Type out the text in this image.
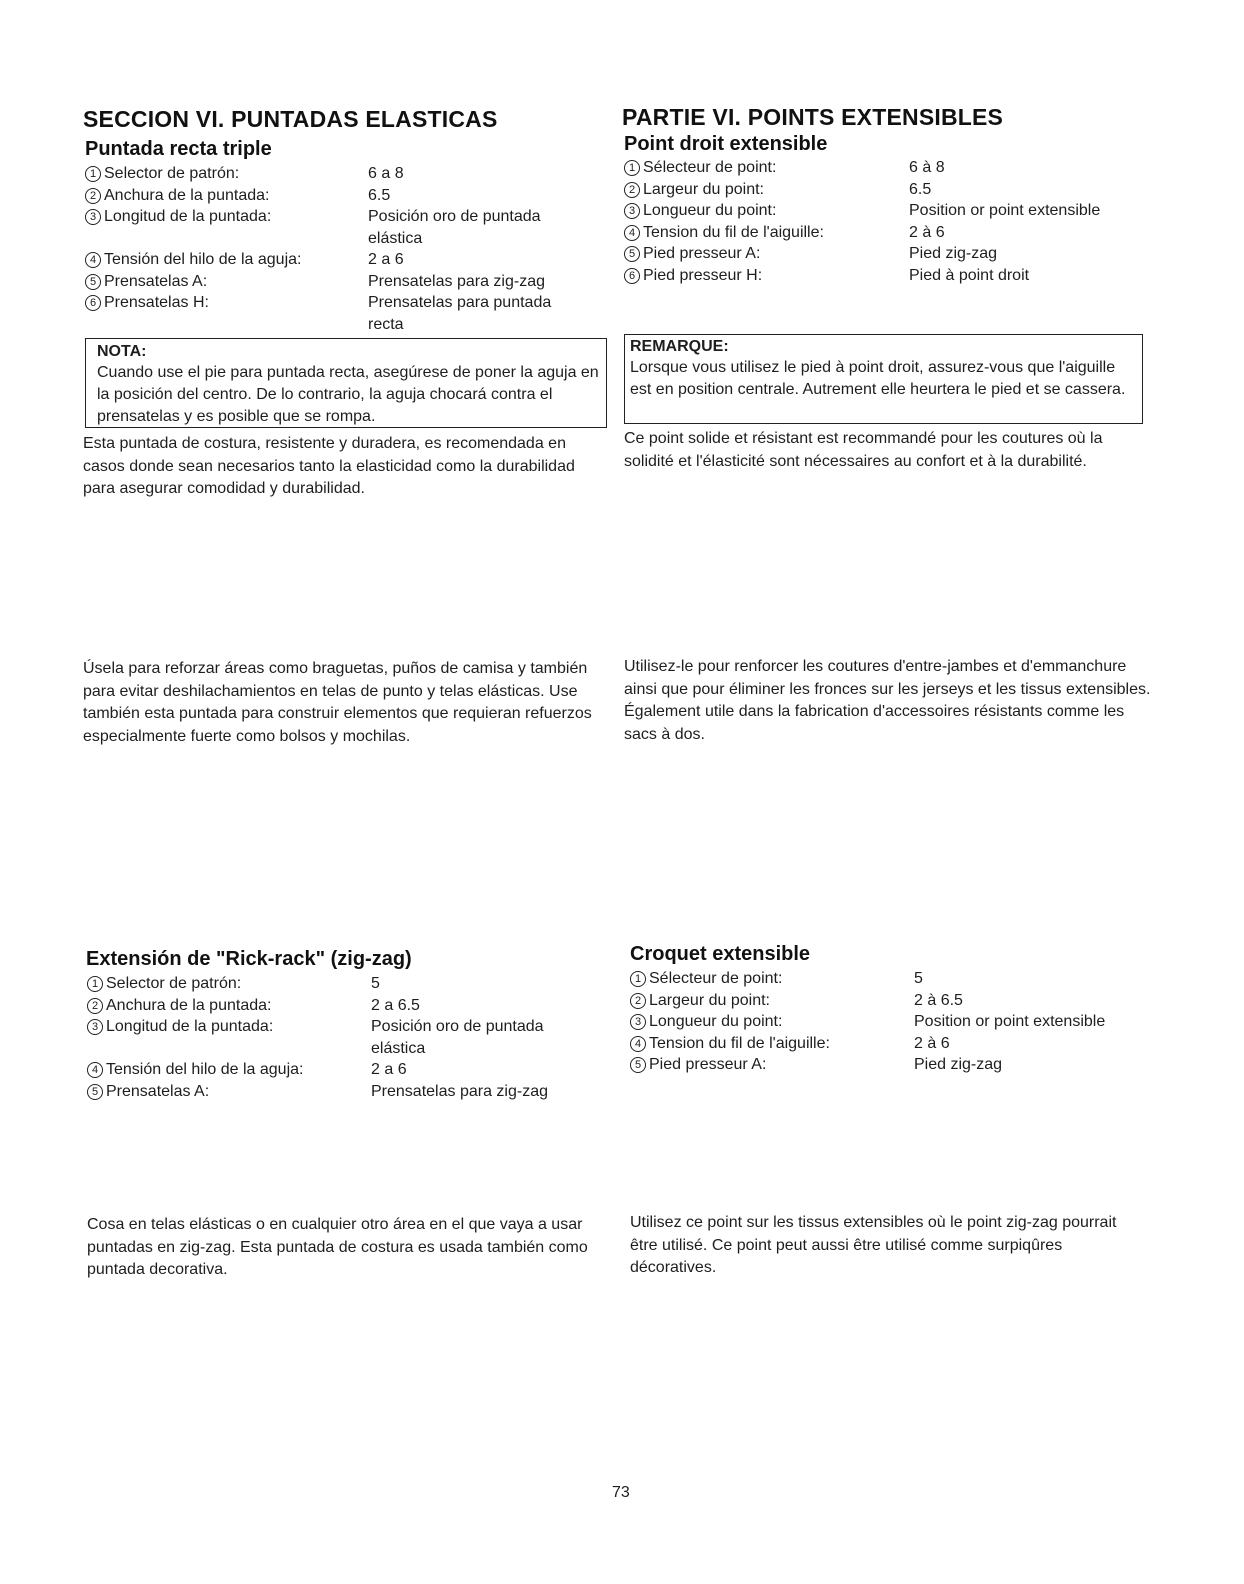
SECCION VI. PUNTADAS ELASTICAS
Puntada recta triple
1 Selector de patrón:	6 a 8
2 Anchura de la puntada:	6.5
3 Longitud de la puntada:	Posición oro de puntada elástica
4 Tensión del hilo de la aguja:	2 a 6
5 Prensatelas A:	Prensatelas para zig-zag
6 Prensatelas H:	Prensatelas para puntada recta
NOTA:
Cuando use el pie para puntada recta, asegúrese de poner la aguja en la posición del centro. De lo contrario, la aguja chocará contra el prensatelas y es posible que se rompa.
Esta puntada de costura, resistente y duradera, es recomendada en casos donde sean necesarios tanto la elasticidad como la durabilidad para asegurar comodidad y durabilidad.
Úsela para reforzar áreas como braguetas, puños de camisa y también para evitar deshilachamientos en telas de punto y telas elásticas. Use también esta puntada para construir elementos que requieran refuerzos especialmente fuerte como bolsos y mochilas.
PARTIE VI. POINTS EXTENSIBLES
Point droit extensible
1 Sélecteur de point:	6 à 8
2 Largeur du point:	6.5
3 Longueur du point:	Position or point extensible
4 Tension du fil de l'aiguille:	2 à 6
5 Pied presseur A:	Pied zig-zag
6 Pied presseur H:	Pied à point droit
REMARQUE:
Lorsque vous utilisez le pied à point droit, assurez-vous que l'aiguille est en position centrale. Autrement elle heurtera le pied et se cassera.
Ce point solide et résistant est recommandé pour les coutures où la solidité et l'élasticité sont nécessaires au confort et à la durabilité.
Utilisez-le pour renforcer les coutures d'entre-jambes et d'emmanchure ainsi que pour éliminer les fronces sur les jerseys et les tissus extensibles. Également utile dans la fabrication d'accessoires résistants comme les sacs à dos.
Extensión de "Rick-rack" (zig-zag)
1 Selector de patrón:	5
2 Anchura de la puntada:	2 a 6.5
3 Longitud de la puntada:	Posición oro de puntada elástica
4 Tensión del hilo de la aguja:	2 a 6
5 Prensatelas A:	Prensatelas para zig-zag
Cosa en telas elásticas o en cualquier otro área en el que vaya a usar puntadas en zig-zag. Esta puntada de costura es usada también como puntada decorativa.
Croquet extensible
1 Sélecteur de point:	5
2 Largeur du point:	2 à 6.5
3 Longueur du point:	Position or point extensible
4 Tension du fil de l'aiguille:	2 à 6
5 Pied presseur A:	Pied zig-zag
Utilisez ce point sur les tissus extensibles où le point zig-zag pourrait être utilisé. Ce point peut aussi être utilisé comme surpiqûres décoratives.
73
